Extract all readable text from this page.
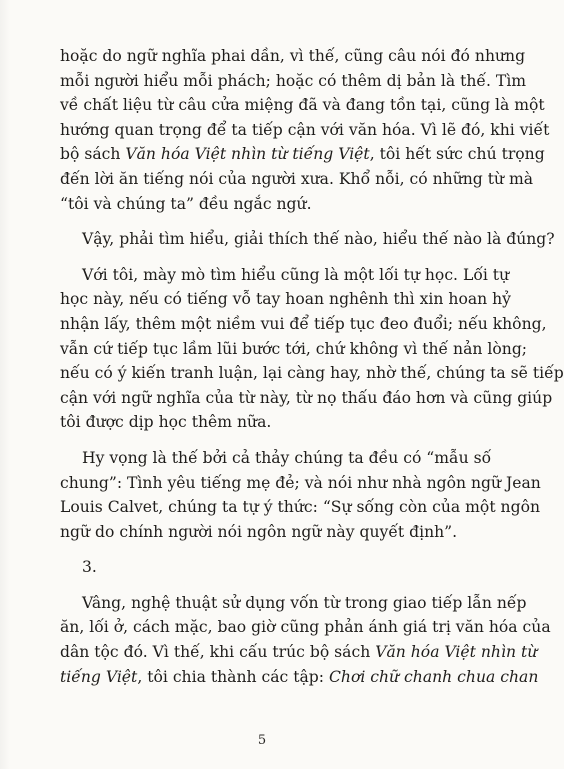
hoặc do ngữ nghĩa phai dần, vì thế, cũng câu nói đó nhưng
mỗi người hiểu mỗi phách; hoặc có thêm dị bản là thế. Tìm
về chất liệu từ câu cửa miệng đã và đang tồn tại, cũng là một
hướng quan trọng để ta tiếp cận với văn hóa. Vì lẽ đó, khi viết
bộ sách Văn hóa Việt nhìn từ tiếng Việt, tôi hết sức chú trọng
đến lời ăn tiếng nói của người xưa. Khổ nỗi, có những từ mà
“tôi và chúng ta” đều ngắc ngứ.
Vậy, phải tìm hiểu, giải thích thế nào, hiểu thế nào là đúng?
Với tôi, mày mò tìm hiểu cũng là một lối tự học. Lối tự
học này, nếu có tiếng vỗ tay hoan nghênh thì xin hoan hỷ
nhận lấy, thêm một niềm vui để tiếp tục đeo đuổi; nếu không,
vẫn cứ tiếp tục lầm lũi bước tới, chứ không vì thế nản lòng;
nếu có ý kiến tranh luận, lại càng hay, nhờ thế, chúng ta sẽ tiếp
cận với ngữ nghĩa của từ này, từ nọ thấu đáo hơn và cũng giúp
tôi được dịp học thêm nữa.
Hy vọng là thế bởi cả thảy chúng ta đều có “mẫu số
chung”: Tình yêu tiếng mẹ đẻ; và nói như nhà ngôn ngữ Jean
Louis Calvet, chúng ta tự ý thức: “Sự sống còn của một ngôn
ngữ do chính người nói ngôn ngữ này quyết định”.
3.
Vâng, nghệ thuật sử dụng vốn từ trong giao tiếp lẫn nếp
ăn, lối ở, cách mặc, bao giờ cũng phản ánh giá trị văn hóa của
dân tộc đó. Vì thế, khi cấu trúc bộ sách Văn hóa Việt nhìn từ
tiếng Việt, tôi chia thành các tập: Chơi chữ chanh chua chan
5
